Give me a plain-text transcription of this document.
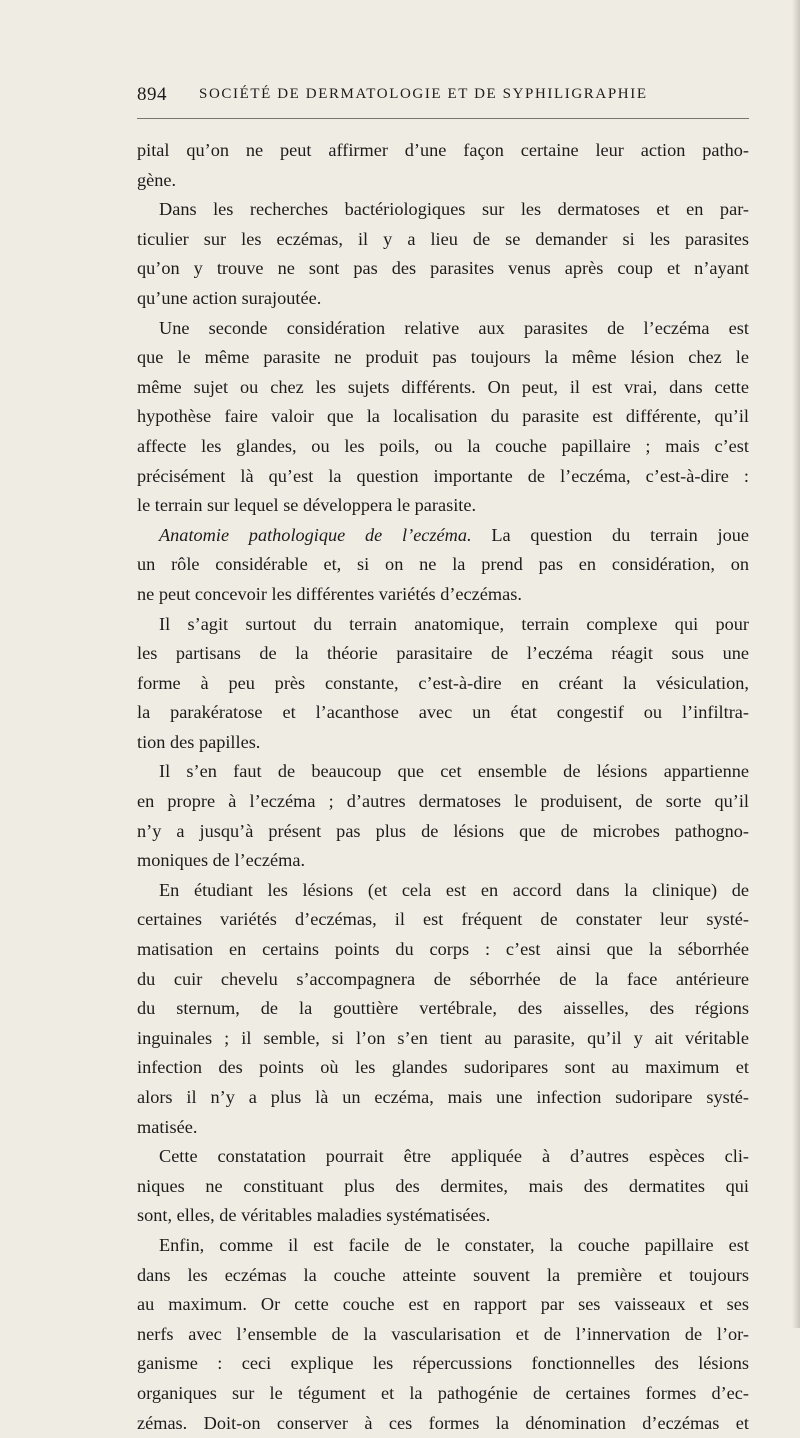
894 SOCIÉTÉ DE DERMATOLOGIE ET DE SYPHILIGRAPHIE
pital qu’on ne peut affirmer d’une façon certaine leur action patho-
gène.
Dans les recherches bactériologiques sur les dermatoses et en par-
ticulier sur les eczémas, il y a lieu de se demander si les parasites
qu’on y trouve ne sont pas des parasites venus après coup et n’ayant
qu’une action surajoutée.
Une seconde considération relative aux parasites de l’eczéma est
que le même parasite ne produit pas toujours la même lésion chez le
même sujet ou chez les sujets différents. On peut, il est vrai, dans cette
hypothèse faire valoir que la localisation du parasite est différente, qu’il
affecte les glandes, ou les poils, ou la couche papillaire ; mais c’est
précisément là qu’est la question importante de l’eczéma, c’est-à-dire :
le terrain sur lequel se développera le parasite.
Anatomie pathologique de l’eczéma. La question du terrain joue
un rôle considérable et, si on ne la prend pas en considération, on
ne peut concevoir les différentes variétés d’eczémas.
Il s’agit surtout du terrain anatomique, terrain complexe qui pour
les partisans de la théorie parasitaire de l’eczéma réagit sous une
forme à peu près constante, c’est-à-dire en créant la vésiculation,
la parakératose et l’acanthose avec un état congestif ou l’infiltra-
tion des papilles.
Il s’en faut de beaucoup que cet ensemble de lésions appartienne
en propre à l’eczéma ; d’autres dermatoses le produisent, de sorte qu’il
n’y a jusqu’à présent pas plus de lésions que de microbes pathogno-
moniques de l’eczéma.
En étudiant les lésions (et cela est en accord dans la clinique) de
certaines variétés d’eczémas, il est fréquent de constater leur systé-
matisation en certains points du corps : c’est ainsi que la séborrhée
du cuir chevelu s’accompagnera de séborrhée de la face antérieure
du sternum, de la gouttière vertébrale, des aisselles, des régions
inguinales ; il semble, si l’on s’en tient au parasite, qu’il y ait véritable
infection des points où les glandes sudoripares sont au maximum et
alors il n’y a plus là un eczéma, mais une infection sudoripare systé-
matisée.
Cette constatation pourrait être appliquée à d’autres espèces cli-
niques ne constituant plus des dermites, mais des dermatites qui
sont, elles, de véritables maladies systématisées.
Enfin, comme il est facile de le constater, la couche papillaire est
dans les eczémas la couche atteinte souvent la première et toujours
au maximum. Or cette couche est en rapport par ses vaisseaux et ses
nerfs avec l’ensemble de la vascularisation et de l’innervation de l’or-
ganisme : ceci explique les répercussions fonctionnelles des lésions
organiques sur le tégument et la pathogénie de certaines formes d’ec-
zémas. Doit-on conserver à ces formes la dénomination d’eczémas et
